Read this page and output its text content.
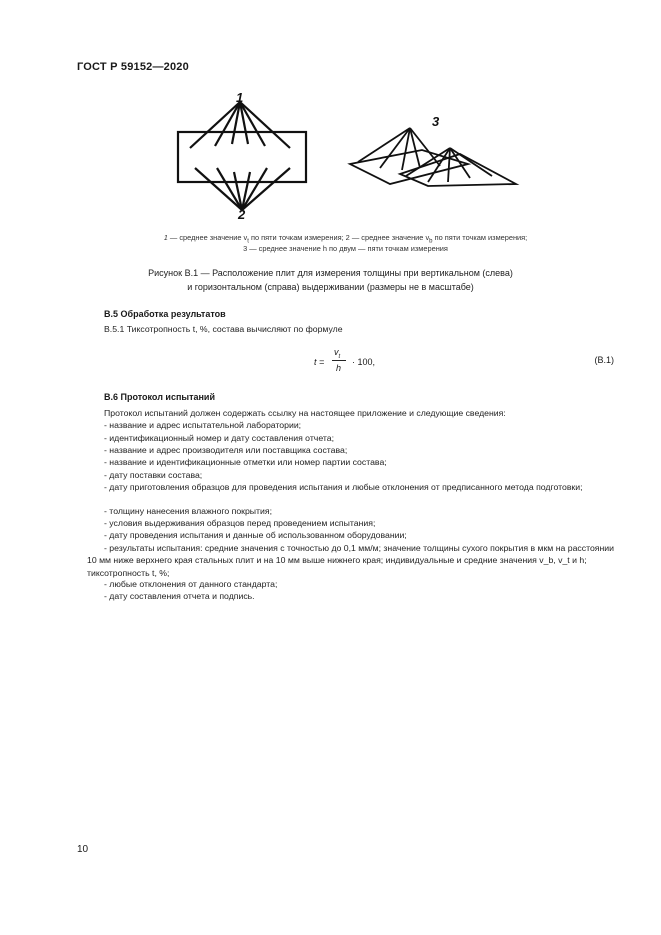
ГОСТ Р 59152—2020
1
2
3
1 — среднее значение $v_t$ по пяти точкам измерения; 2 — среднее значение $v_b$ по пяти точкам измерения;
3 — среднее значение h по двум — пяти точкам измерения
Рисунок В.1 — Расположение плит для измерения толщины при вертикальном (слева)
и горизонтальном (справа) выдерживании (размеры не в масштабе)
В.5 Обработка результатов
В.5.1 Тиксотропность t, %, состава вычисляют по формуле
t =
$v_t$
h
· 100,	(В.1)
В.6 Протокол испытаний
Протокол испытаний должен содержать ссылку на настоящее приложение и следующие сведения:
- название и адрес испытательной лаборатории;
- идентификационный номер и дату составления отчета;
- название и адрес производителя или поставщика состава;
- название и идентификационные отметки или номер партии состава;
- дату поставки состава;
- дату приготовления образцов для проведения испытания и любые отклонения от предписанного метода подготовки;
- толщину нанесения влажного покрытия;
- условия выдерживания образцов перед проведением испытания;
- дату проведения испытания и данные об использованном оборудовании;
- результаты испытания: средние значения с точностью до 0,1 мм/м; значение толщины сухого покрытия в мкм на расстоянии 10 мм ниже верхнего края стальных плит и на 10 мм выше нижнего края; индивидуальные и средние значения v_b, v_t и h; тиксотропность t, %;
- любые отклонения от данного стандарта;
- дату составления отчета и подпись.
10
